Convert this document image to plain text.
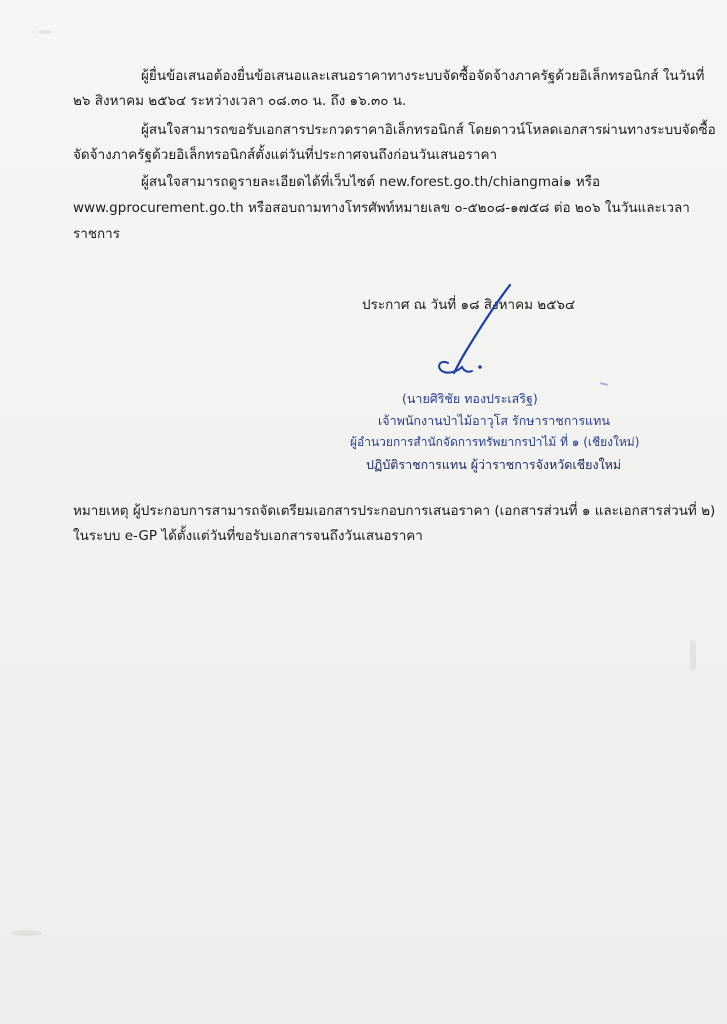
ผู้ยื่นข้อเสนอต้องยื่นข้อเสนอและเสนอราคาทางระบบจัดซื้อจัดจ้างภาครัฐด้วยอิเล็กทรอนิกส์ ในวันที่
๒๖ สิงหาคม ๒๕๖๔ ระหว่างเวลา ๐๘.๓๐ น. ถึง ๑๖.๓๐ น.
ผู้สนใจสามารถขอรับเอกสารประกวดราคาอิเล็กทรอนิกส์ โดยดาวน์โหลดเอกสารผ่านทางระบบจัดซื้อ
จัดจ้างภาครัฐด้วยอิเล็กทรอนิกส์ตั้งแต่วันที่ประกาศจนถึงก่อนวันเสนอราคา
ผู้สนใจสามารถดูรายละเอียดได้ที่เว็บไซต์ new.forest.go.th/chiangmai๑ หรือ
www.gprocurement.go.th หรือสอบถามทางโทรศัพท์หมายเลข ๐-๕๒๐๘-๑๗๕๘ ต่อ ๒๐๖ ในวันและเวลา
ราชการ
ประกาศ ณ วันที่ ๑๘ สิงหาคม ๒๕๖๔
(นายศิริชัย ทองประเสริฐ)
เจ้าพนักงานป่าไม้อาวุโส รักษาราชการแทน
ผู้อำนวยการสำนักจัดการทรัพยากรป่าไม้ ที่ ๑ (เชียงใหม่)
ปฏิบัติราชการแทน ผู้ว่าราชการจังหวัดเชียงใหม่
หมายเหตุ ผู้ประกอบการสามารถจัดเตรียมเอกสารประกอบการเสนอราคา (เอกสารส่วนที่ ๑ และเอกสารส่วนที่ ๒)
ในระบบ e-GP ได้ตั้งแต่วันที่ขอรับเอกสารจนถึงวันเสนอราคา
